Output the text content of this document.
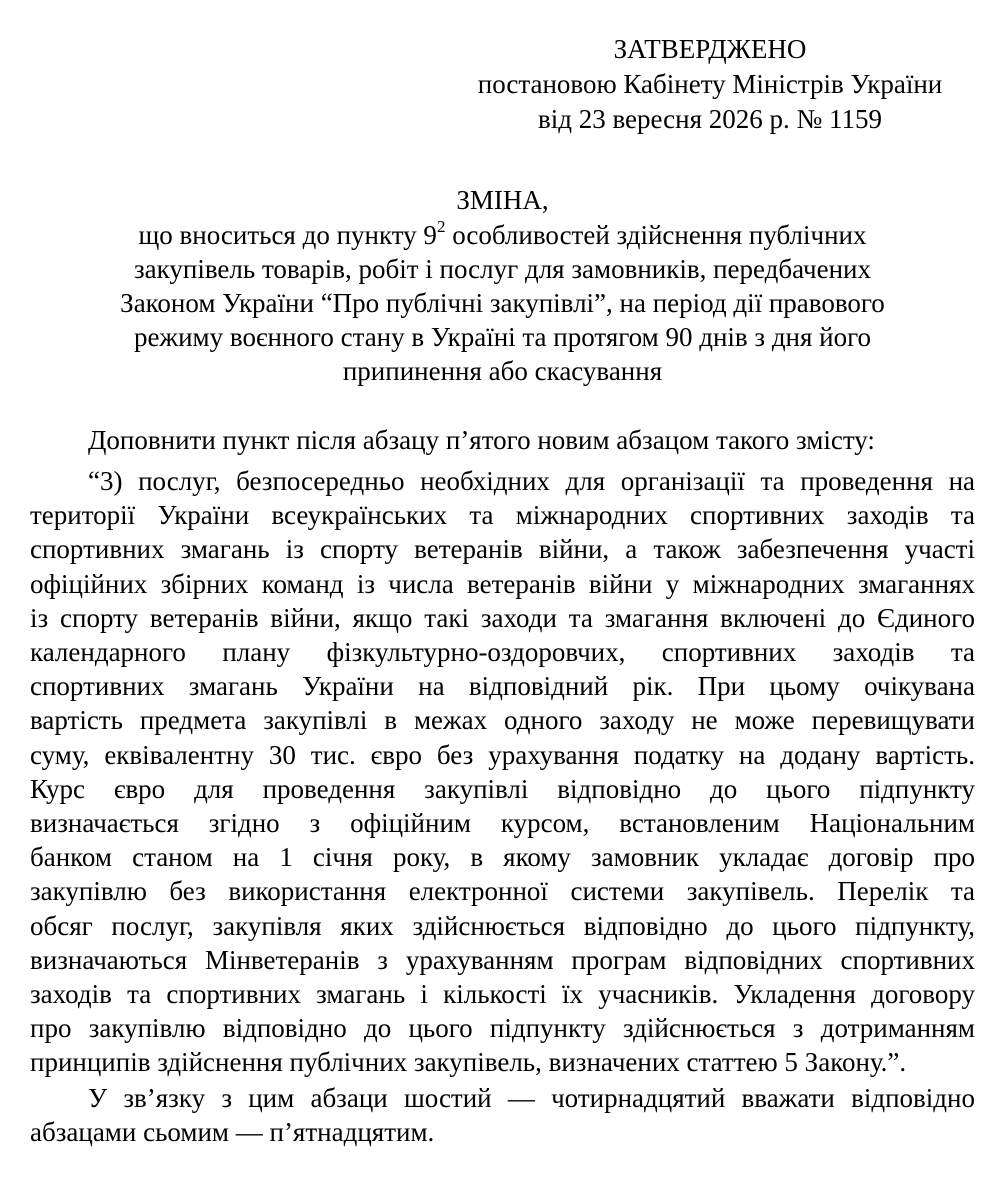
ЗАТВЕРДЖЕНО
постановою Кабінету Міністрів України
від 23 вересня 2026 р. № 1159
ЗМІНА,
що вноситься до пункту $9^2$ особливостей здійснення публічних
закупівель товарів, робіт і послуг для замовників, передбачених
Законом України “Про публічні закупівлі”, на період дії правового
режиму воєнного стану в Україні та протягом 90 днів з дня його
припинення або скасування
Доповнити пункт після абзацу п’ятого новим абзацом такого змісту:
“3) послуг, безпосередньо необхідних для організації та проведення на
території України всеукраїнських та міжнародних спортивних заходів та
спортивних змагань із спорту ветеранів війни, а також забезпечення участі
офіційних збірних команд із числа ветеранів війни у міжнародних змаганнях
із спорту ветеранів війни, якщо такі заходи та змагання включені до Єдиного
календарного плану фізкультурно-оздоровчих, спортивних заходів та
спортивних змагань України на відповідний рік. При цьому очікувана
вартість предмета закупівлі в межах одного заходу не може перевищувати
суму, еквівалентну 30 тис. євро без урахування податку на додану вартість.
Курс євро для проведення закупівлі відповідно до цього підпункту
визначається згідно з офіційним курсом, встановленим Національним
банком станом на 1 січня року, в якому замовник укладає договір про
закупівлю без використання електронної системи закупівель. Перелік та
обсяг послуг, закупівля яких здійснюється відповідно до цього підпункту,
визначаються Мінветеранів з урахуванням програм відповідних спортивних
заходів та спортивних змагань і кількості їх учасників. Укладення договору
про закупівлю відповідно до цього підпункту здійснюється з дотриманням
принципів здійснення публічних закупівель, визначених статтею 5 Закону.”.
У зв’язку з цим абзаци шостий — чотирнадцятий вважати відповідно
абзацами сьомим — п’ятнадцятим.
